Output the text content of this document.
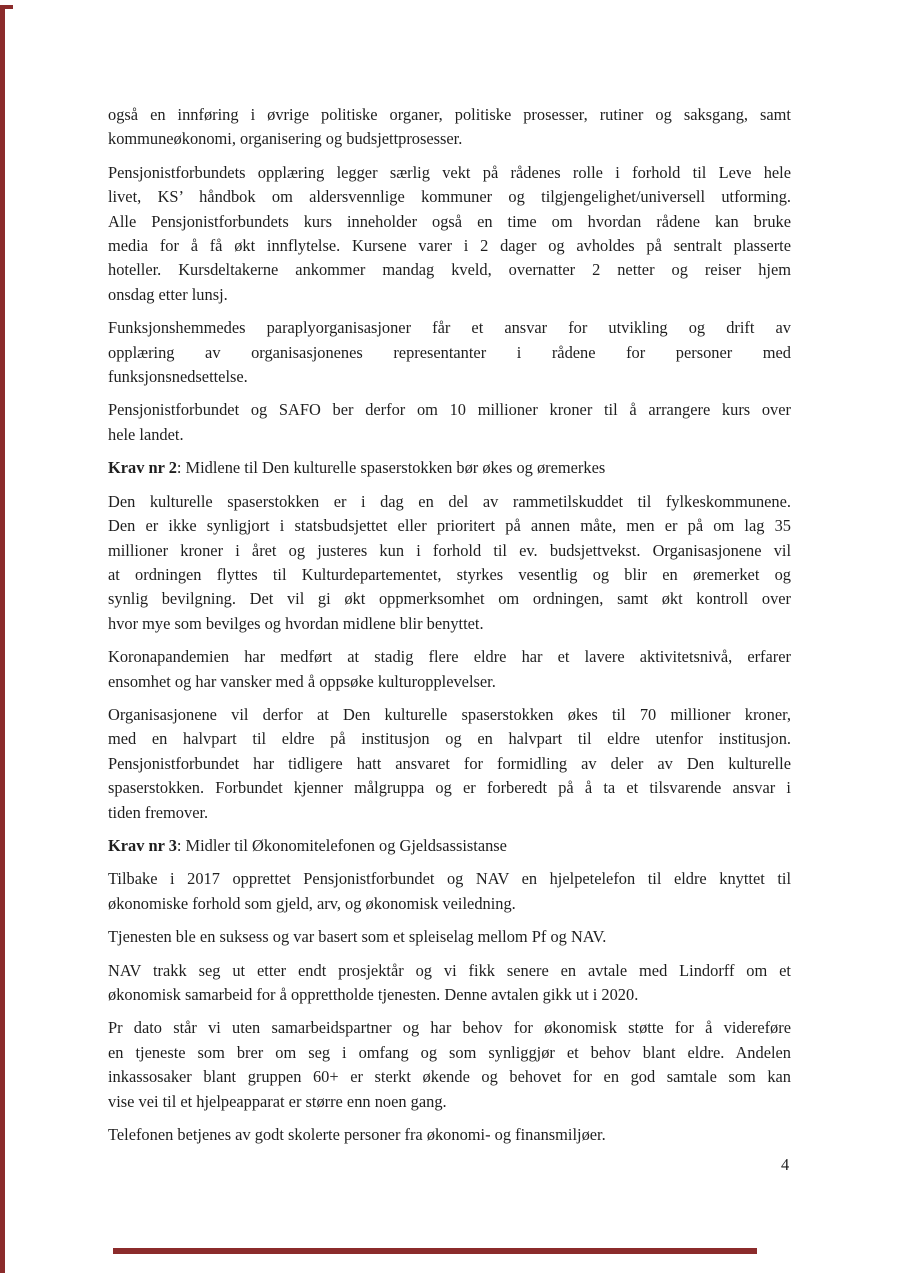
også en innføring i øvrige politiske organer, politiske prosesser, rutiner og saksgang, samt
kommuneøkonomi, organisering og budsjettprosesser.
Pensjonistforbundets opplæring legger særlig vekt på rådenes rolle i forhold til Leve hele
livet, KS’ håndbok om aldersvennlige kommuner og tilgjengelighet/universell utforming.
Alle Pensjonistforbundets kurs inneholder også en time om hvordan rådene kan bruke
media for å få økt innflytelse. Kursene varer i 2 dager og avholdes på sentralt plasserte
hoteller. Kursdeltakerne ankommer mandag kveld, overnatter 2 netter og reiser hjem
onsdag etter lunsj.
Funksjonshemmedes paraplyorganisasjoner får et ansvar for utvikling og drift av
opplæring av organisasjonenes representanter i rådene for personer med
funksjonsnedsettelse.
Pensjonistforbundet og SAFO ber derfor om 10 millioner kroner til å arrangere kurs over
hele landet.
Krav nr 2: Midlene til Den kulturelle spaserstokken bør økes og øremerkes
Den kulturelle spaserstokken er i dag en del av rammetilskuddet til fylkeskommunene.
Den er ikke synligjort i statsbudsjettet eller prioritert på annen måte, men er på om lag 35
millioner kroner i året og justeres kun i forhold til ev. budsjettvekst. Organisasjonene vil
at ordningen flyttes til Kulturdepartementet, styrkes vesentlig og blir en øremerket og
synlig bevilgning. Det vil gi økt oppmerksomhet om ordningen, samt økt kontroll over
hvor mye som bevilges og hvordan midlene blir benyttet.
Koronapandemien har medført at stadig flere eldre har et lavere aktivitetsnivå, erfarer
ensomhet og har vansker med å oppsøke kulturopplevelser.
Organisasjonene vil derfor at Den kulturelle spaserstokken økes til 70 millioner kroner,
med en halvpart til eldre på institusjon og en halvpart til eldre utenfor institusjon.
Pensjonistforbundet har tidligere hatt ansvaret for formidling av deler av Den kulturelle
spaserstokken. Forbundet kjenner målgruppa og er forberedt på å ta et tilsvarende ansvar i
tiden fremover.
Krav nr 3: Midler til Økonomitelefonen og Gjeldsassistanse
Tilbake i 2017 opprettet Pensjonistforbundet og NAV en hjelpetelefon til eldre knyttet til
økonomiske forhold som gjeld, arv, og økonomisk veiledning.
Tjenesten ble en suksess og var basert som et spleiselag mellom Pf og NAV.
NAV trakk seg ut etter endt prosjektår og vi fikk senere en avtale med Lindorff om et
økonomisk samarbeid for å opprettholde tjenesten. Denne avtalen gikk ut i 2020.
Pr dato står vi uten samarbeidspartner og har behov for økonomisk støtte for å videreføre
en tjeneste som brer om seg i omfang og som synliggjør et behov blant eldre. Andelen
inkassosaker blant gruppen 60+ er sterkt økende og behovet for en god samtale som kan
vise vei til et hjelpeapparat er større enn noen gang.
Telefonen betjenes av godt skolerte personer fra økonomi- og finansmiljøer.
4
